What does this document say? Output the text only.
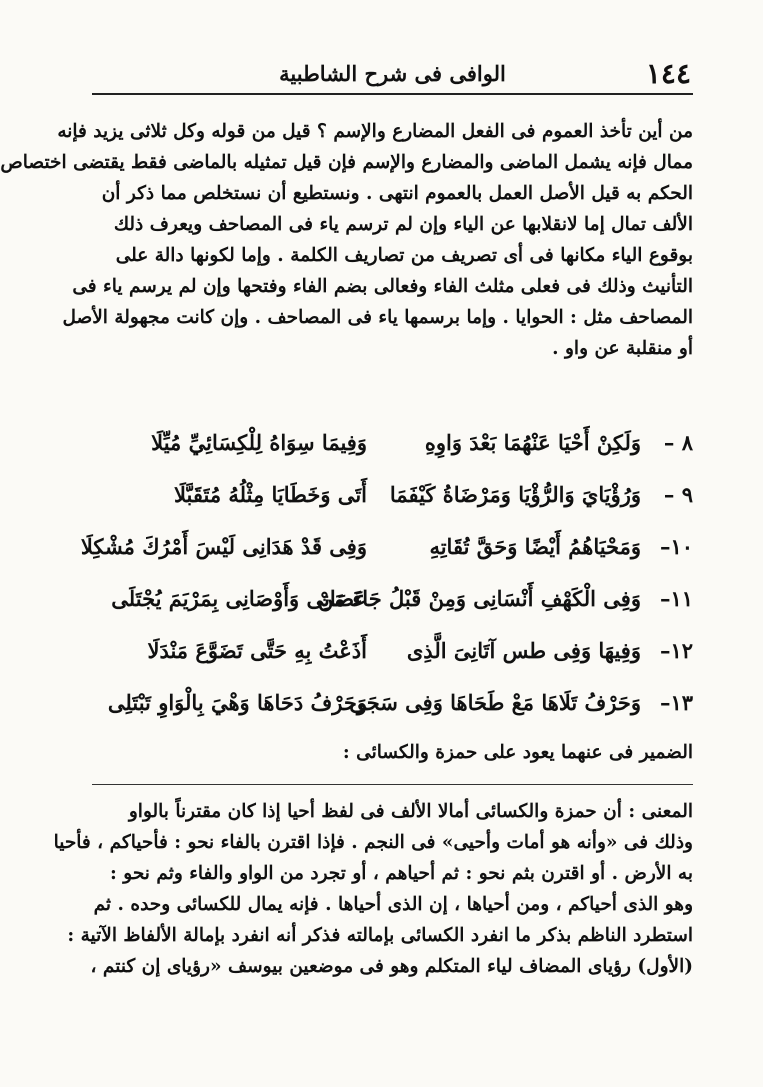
١٤٤
الوافى فى شرح الشاطبية
من أين تأخذ العموم فى الفعل المضارع والإسم ؟ قيل من قوله وكل ثلاثى يزيد فإنه
ممال فإنه يشمل الماضى والمضارع والإسم فإن قيل تمثيله بالماضى فقط يقتضى اختصاص
الحكم به قيل الأصل العمل بالعموم انتهى . ونستطيع أن نستخلص مما ذكر أن
الألف تمال إما لانقلابها عن الياء وإن لم ترسم ياء فى المصاحف ويعرف ذلك
بوقوع الياء مكانها فى أى تصريف من تصاريف الكلمة . وإما لكونها دالة على
التأنيث وذلك فى فعلى مثلث الفاء وفعالى بضم الفاء وفتحها وإن لم يرسم ياء فى
المصاحف مثل : الحوايا . وإما برسمها ياء فى المصاحف . وإن كانت مجهولة الأصل
أو منقلبة عن واو .
٨ –
وَلَكِنْ أَحْيَا عَنْهُمَا بَعْدَ وَاوِهِ
وَفِيمَا سِوَاهُ لِلْكِسَائِيِّ مُيِّلَا
٩ –
وَرُؤْيَايَ وَالرُّؤْيَا وَمَرْضَاةُ كَيْفَمَا
أَتَى وَخَطَايَا مِثْلُهُ مُتَقَبَّلَا
١٠–
وَمَحْيَاهُمُ أَيْضًا وَحَقَّ تُقَاتِهِ
وَفِى قَدْ هَدَانِى لَيْسَ أَمْرُكَ مُشْكِلَا
١١–
وَفِى الْكَهْفِ أَنْسَانِى وَمِنْ قَبْلُ جَاءَ مَنْ
عَصَانِى وَأَوْصَانِى بِمَرْيَمَ يُجْتَلَى
١٢–
وَفِيهَا وَفِى طس آتَانِىَ الَّذِى
أَذَعْتُ بِهِ حَتَّى تَضَوَّعَ مَنْدَلَا
١٣–
وَحَرْفُ تَلَاهَا مَعْ طَحَاهَا وَفِى سَجَى
وَحَرْفُ دَحَاهَا وَهْيَ بِالْوَاوِ تَبْتَلِى
الضمير فى عنهما يعود على حمزة والكسائى :
المعنى : أن حمزة والكسائى أمالا الألف فى لفظ أحيا إذا كان مقترناً بالواو
وذلك فى «وأنه هو أمات وأحيى» فى النجم . فإذا اقترن بالفاء نحو : فأحياكم ، فأحيا
به الأرض . أو اقترن بثم نحو : ثم أحياهم ، أو تجرد من الواو والفاء وثم نحو :
وهو الذى أحياكم ، ومن أحياها ، إن الذى أحياها . فإنه يمال للكسائى وحده . ثم
استطرد الناظم بذكر ما انفرد الكسائى بإمالته فذكر أنه انفرد بإمالة الألفاظ الآتية :
(الأول) رؤياى المضاف لياء المتكلم وهو فى موضعين بيوسف «رؤياى إن كنتم ،
